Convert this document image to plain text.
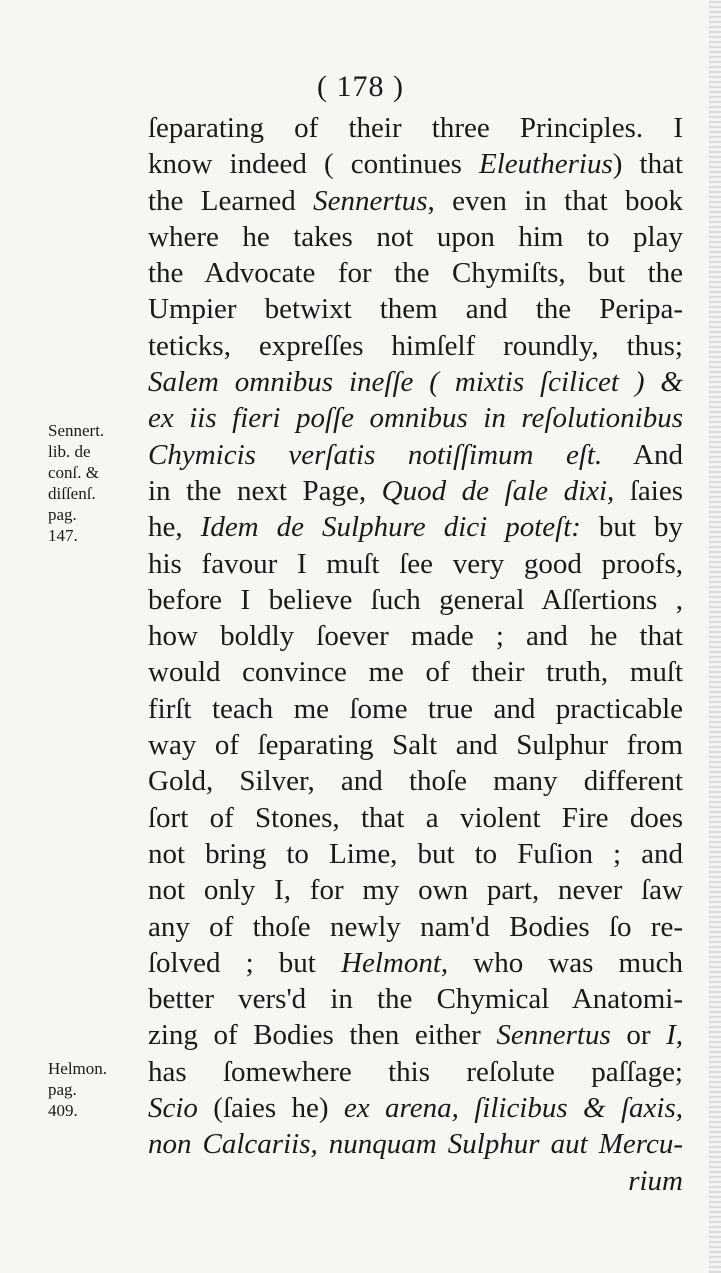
( 178 )
ſeparating of their three Principles. I
know indeed ( continues Eleutherius) that
the Learned Sennertus, even in that book
where he takes not upon him to play
the Advocate for the Chymiſts, but the
Umpier betwixt them and the Peripa-
teticks, expreſſes himſelf roundly, thus;
Salem omnibus ineſſe ( mixtis ſcilicet ) &
ex iis fieri poſſe omnibus in reſolutionibus
Chymicis verſatis notiſſimum eſt. And
in the next Page, Quod de ſale dixi, ſaies
he, Idem de Sulphure dici poteſt: but by
his favour I muſt ſee very good proofs,
before I believe ſuch general Aſſertions ,
how boldly ſoever made ; and he that
would convince me of their truth, muſt
firſt teach me ſome true and practicable
way of ſeparating Salt and Sulphur from
Gold, Silver, and thoſe many different
ſort of Stones, that a violent Fire does
not bring to Lime, but to Fuſion ; and
not only I, for my own part, never ſaw
any of thoſe newly nam'd Bodies ſo re-
ſolved ; but Helmont, who was much
better vers'd in the Chymical Anatomi-
zing of Bodies then either Sennertus or I,
has ſomewhere this reſolute paſſage;
Scio (ſaies he) ex arena, ſilicibus & ſaxis,
non Calcariis, nunquam Sulphur aut Mercu-
rium
Sennert.
lib. de
conſ. &
diſſenſ.
pag.
147.
Helmon.
pag.
409.
